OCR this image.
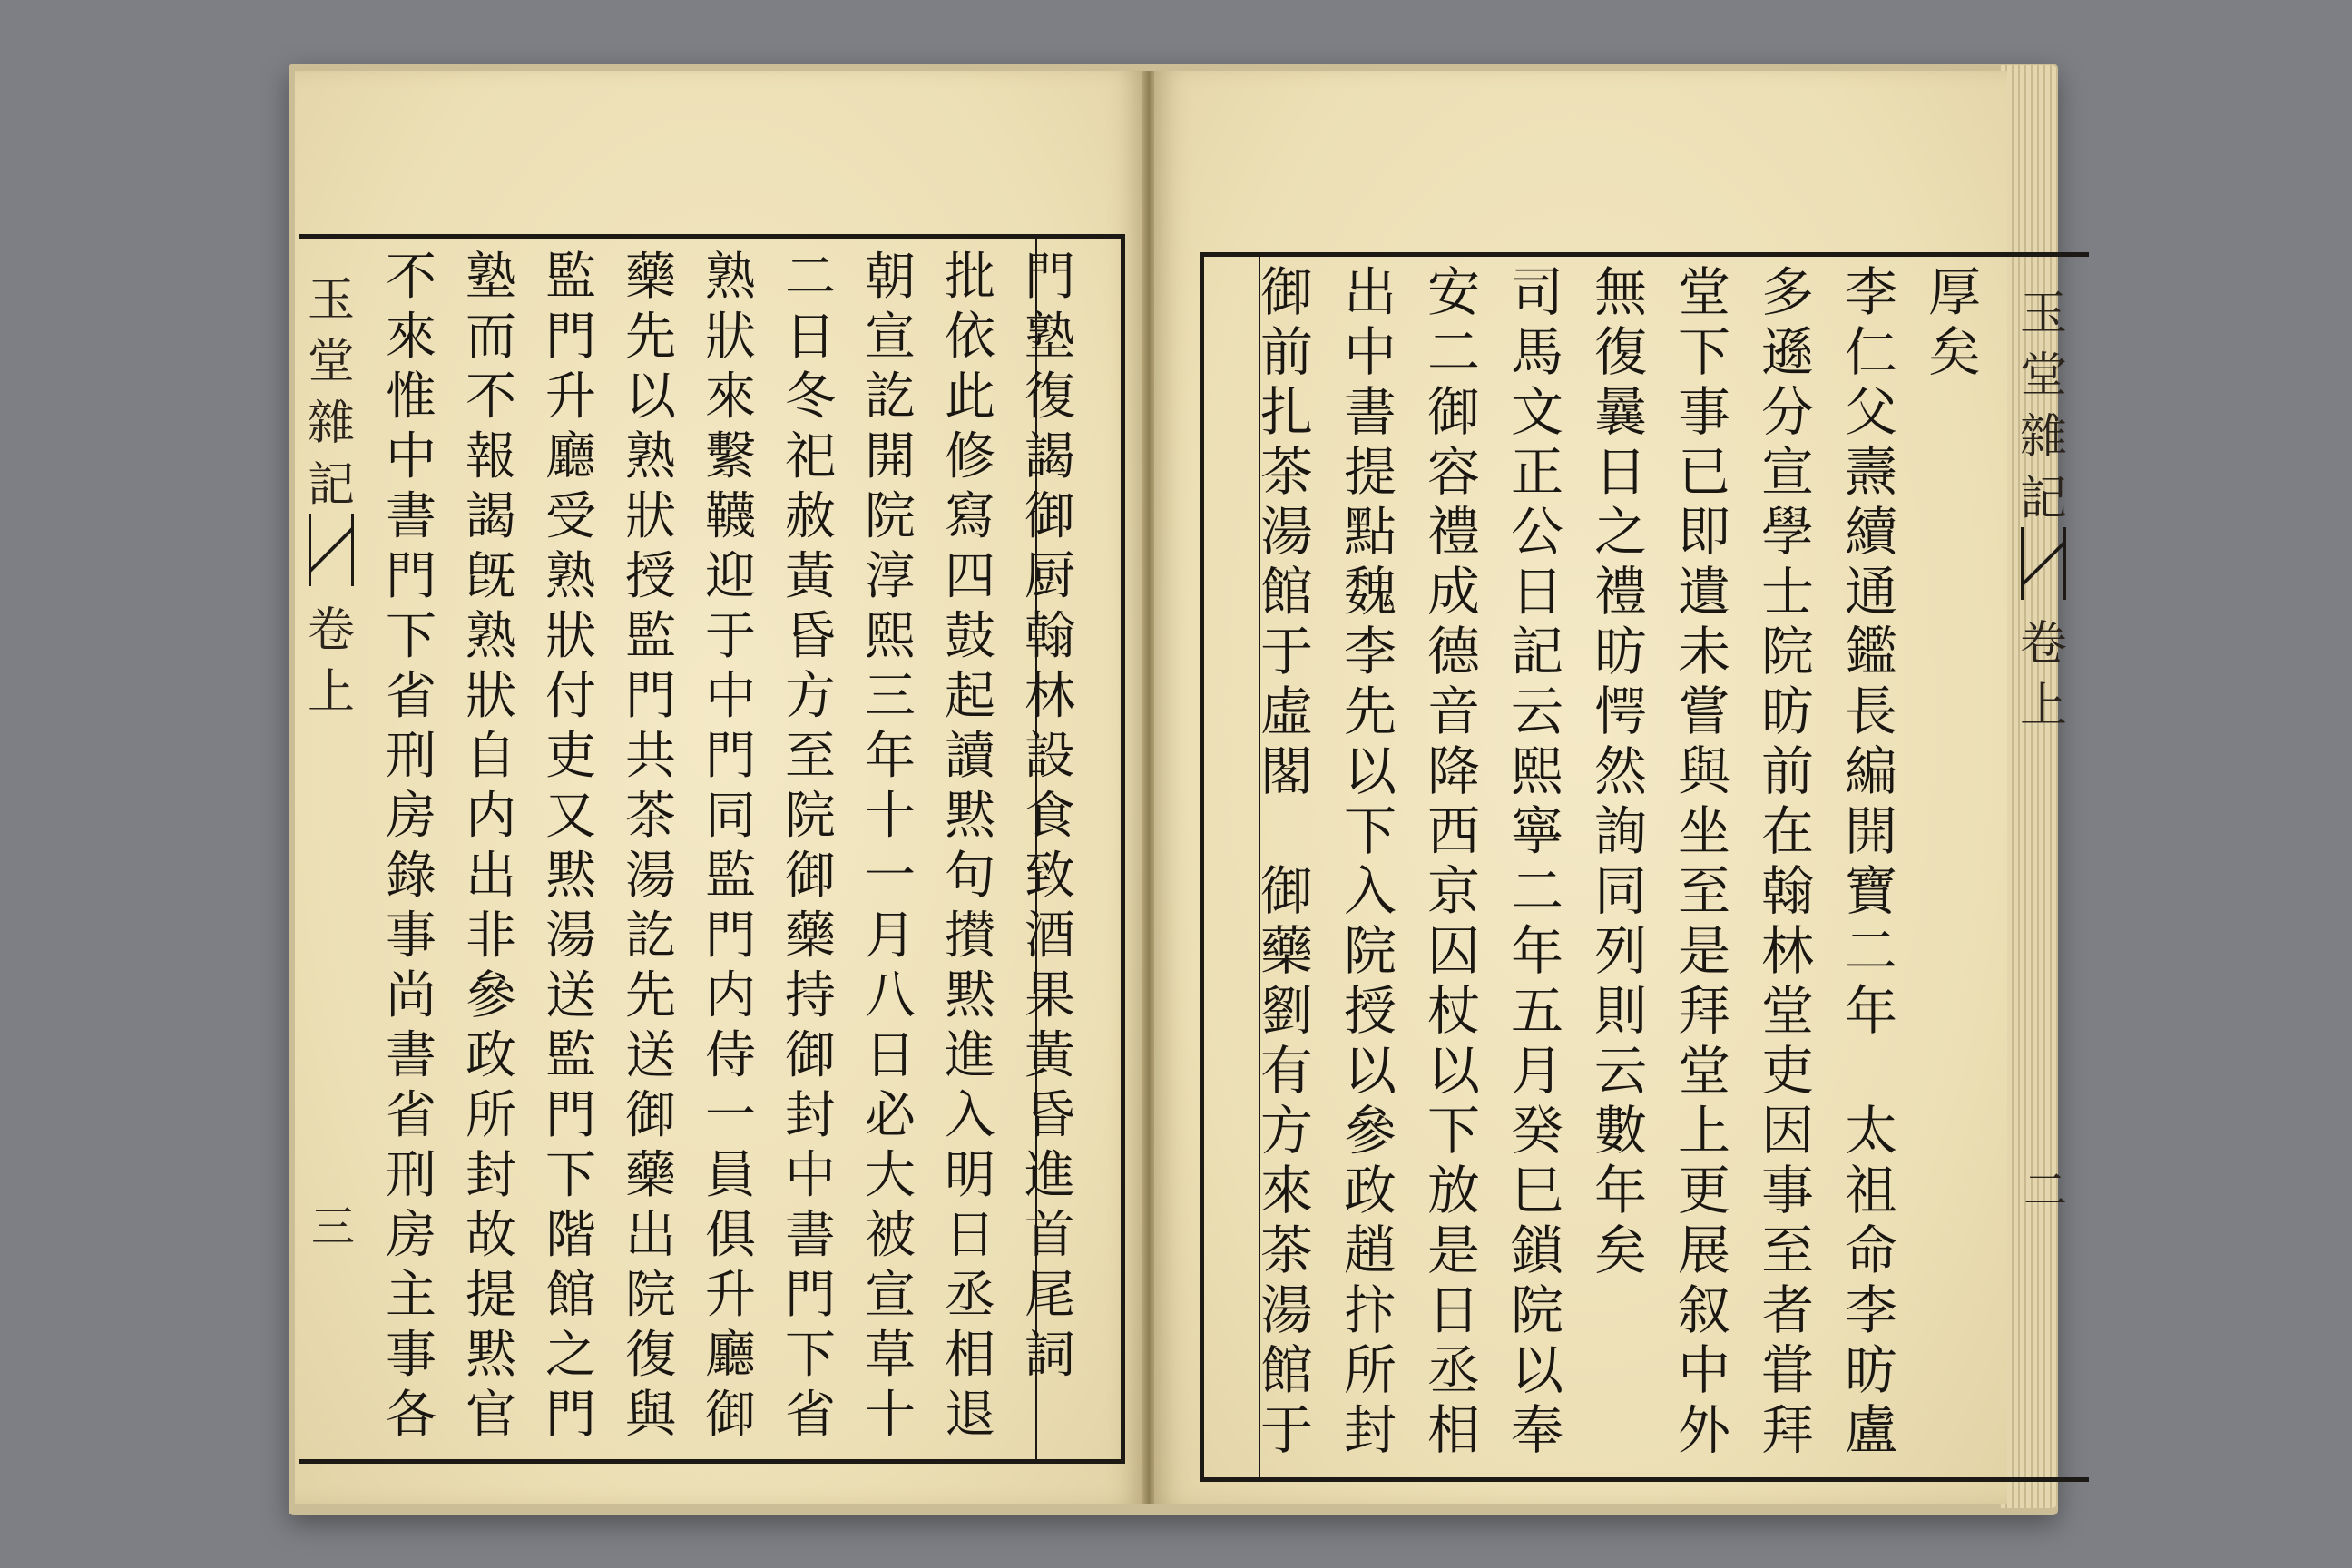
門
塾
復
謁
御
厨
翰
林
設
食
致
酒
果
黃
昏
進
首
尾
詞
批
依
此
修
寫
四
鼓
起
讀
黙
句
攅
黙
進
入
明
日
丞
相
退
朝
宣
訖
開
院
淳
熙
三
年
十
一
月
八
日
必
大
被
宣
草
十
二
日
冬
祀
赦
黃
昏
方
至
院
御
藥
持
御
封
中
書
門
下
省
熟
狀
來
繫
韈
迎
于
中
門
同
監
門
内
侍
一
員
俱
升
廳
御
藥
先
以
熟
狀
授
監
門
共
茶
湯
訖
先
送
御
藥
出
院
復
與
監
門
升
廳
受
熟
狀
付
吏
又
黙
湯
送
監
門
下
階
館
之
門
塾
而
不
報
謁
旣
熟
狀
自
内
出
非
參
政
所
封
故
提
黙
官
不
來
惟
中
書
門
下
省
刑
房
錄
事
尚
書
省
刑
房
主
事
各
玉
堂
雜
記
卷
上
三
厚
矣
李
仁
父
燾
續
通
鑑
長
編
開
寶
二
年
太
祖
命
李
昉
盧
多
遜
分
宣
學
士
院
昉
前
在
翰
林
堂
吏
因
事
至
者
甞
拜
堂
下
事
已
即
遺
未
嘗
與
坐
至
是
拜
堂
上
更
展
叙
中
外
無
復
曩
日
之
禮
昉
愕
然
詢
同
列
則
云
數
年
矣
司
馬
文
正
公
日
記
云
熙
寧
二
年
五
月
癸
巳
鎖
院
以
奉
安
二
御
容
禮
成
德
音
降
西
京
囚
杖
以
下
放
是
日
丞
相
出
中
書
提
點
魏
李
先
以
下
入
院
授
以
參
政
趙
抃
所
封
御
前
扎
茶
湯
館
于
虛
閣
御
藥
劉
有
方
來
茶
湯
館
于
玉
堂
雜
記
卷
上
二
